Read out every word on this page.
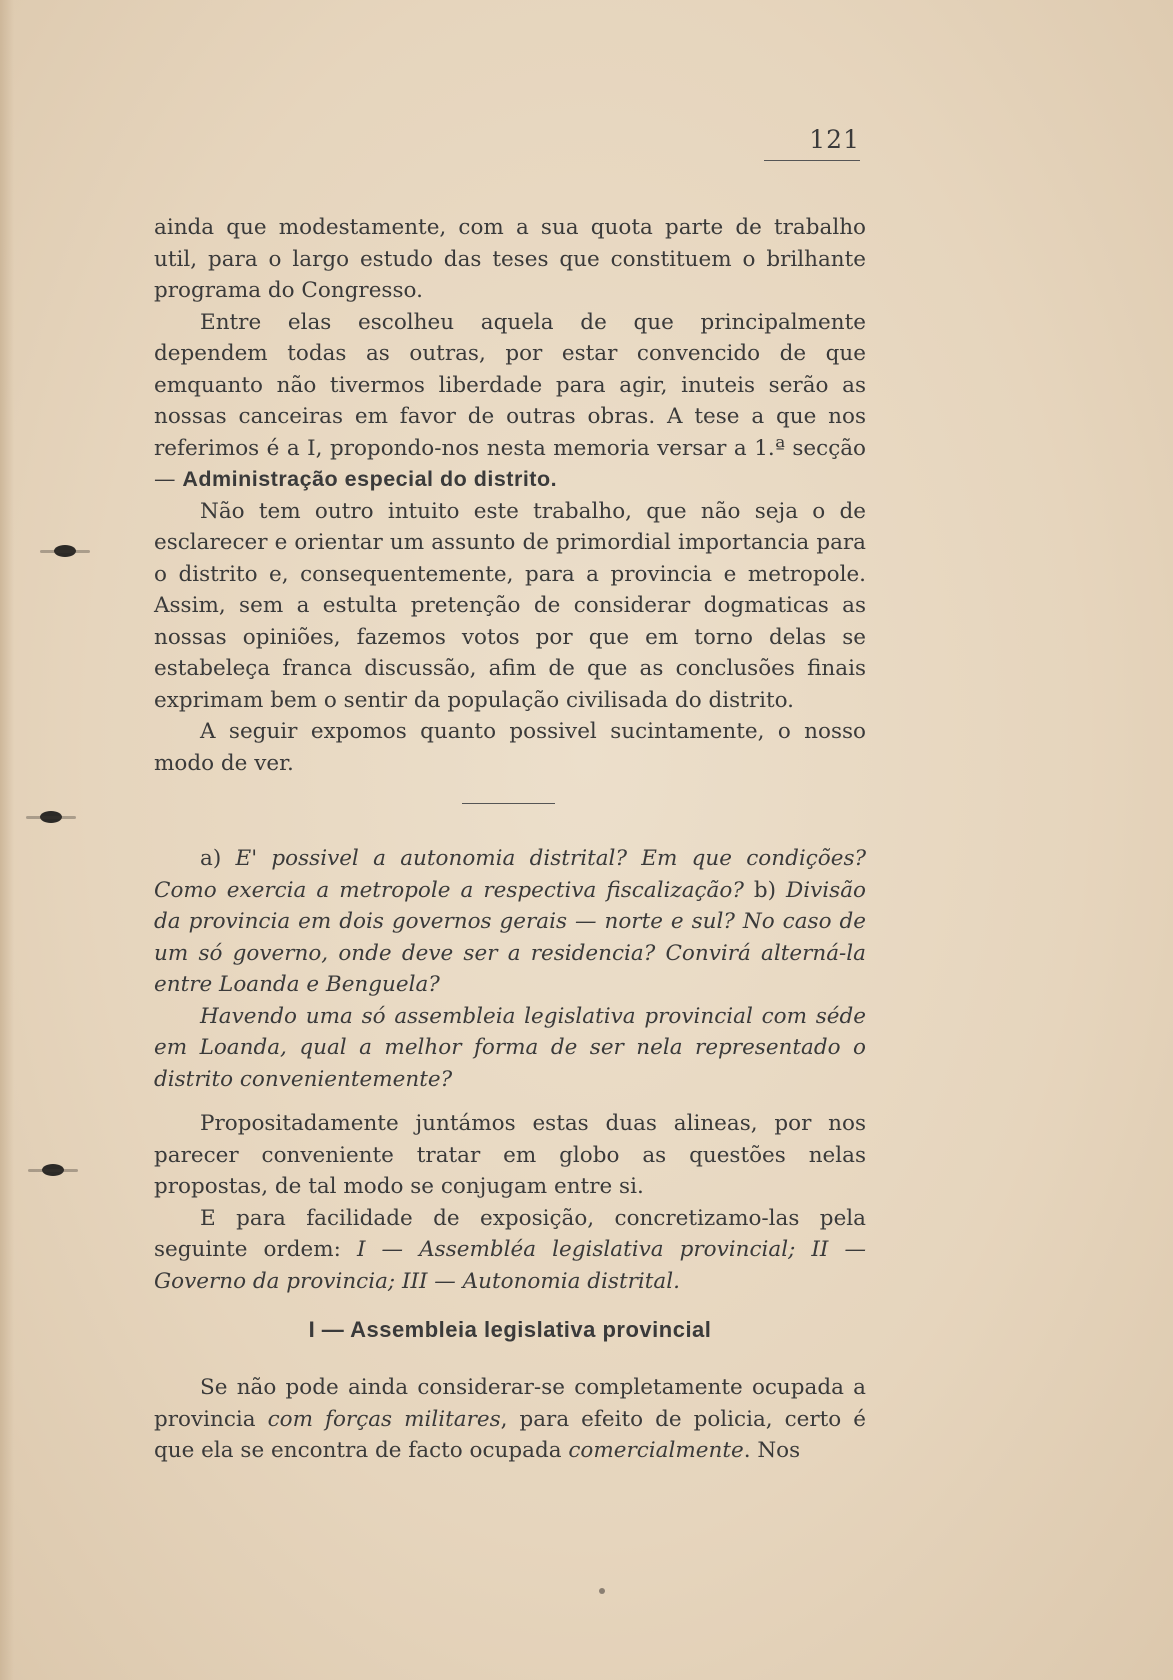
121

ainda que modestamente, com a sua quota parte de trabalho util, para o largo estudo das teses que constituem o brilhante programa do Congresso.

Entre elas escolheu aquela de que principalmente dependem todas as outras, por estar convencido de que emquanto não tivermos liberdade para agir, inuteis serão as nossas canceiras em favor de outras obras. A tese a que nos referimos é a I, propondo-nos nesta memoria versar a 1.ª secção — Administração especial do distrito.

Não tem outro intuito este trabalho, que não seja o de esclarecer e orientar um assunto de primordial importancia para o distrito e, consequentemente, para a provincia e metropole. Assim, sem a estulta pretenção de considerar dogmaticas as nossas opiniões, fazemos votos por que em torno delas se estabeleça franca discussão, afim de que as conclusões finais exprimam bem o sentir da população civilisada do distrito.

A seguir expomos quanto possivel sucintamente, o nosso modo de ver.

a) E' possivel a autonomia distrital? Em que condições? Como exercia a metropole a respectiva fiscalização? b) Divisão da provincia em dois governos gerais — norte e sul? No caso de um só governo, onde deve ser a residencia? Convirá alterná-la entre Loanda e Benguela?

Havendo uma só assembleia legislativa provincial com séde em Loanda, qual a melhor forma de ser nela representado o distrito convenientemente?

Propositadamente juntámos estas duas alineas, por nos parecer conveniente tratar em globo as questões nelas propostas, de tal modo se conjugam entre si.

E para facilidade de exposição, concretizamo-las pela seguinte ordem: I — Assembléa legislativa provincial; II — Governo da provincia; III — Autonomia distrital.

I — Assembleia legislativa provincial

Se não pode ainda considerar-se completamente ocupada a provincia com forças militares, para efeito de policia, certo é que ela se encontra de facto ocupada comercialmente. Nos
